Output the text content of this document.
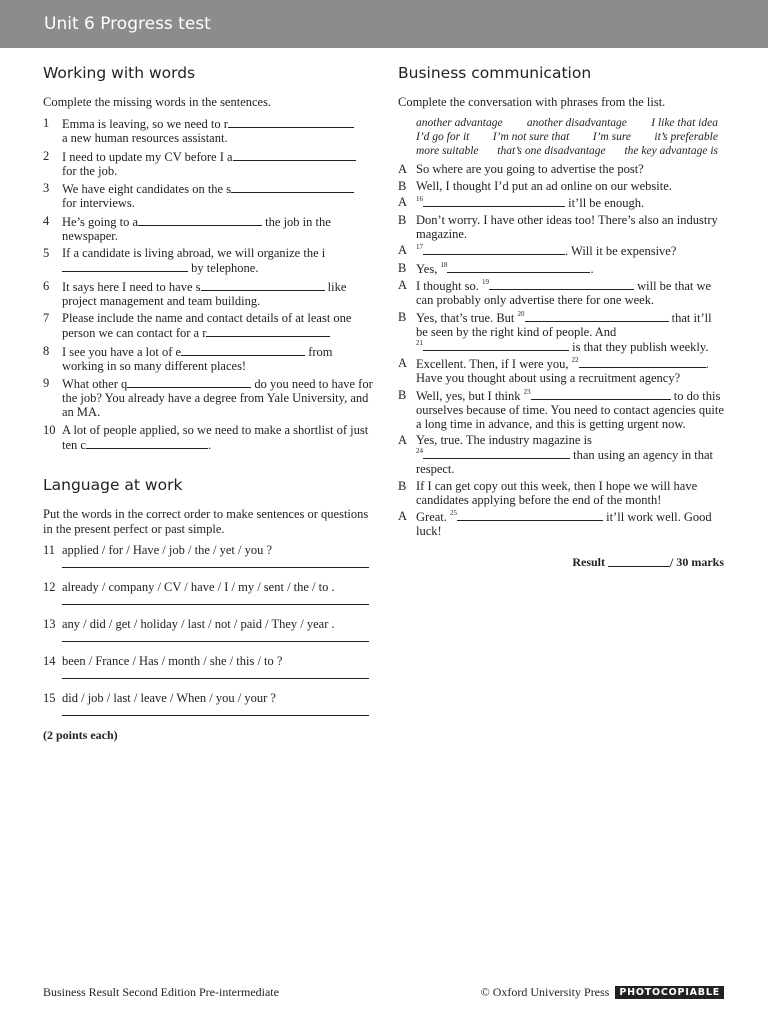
Unit 6 Progress test
Working with words

Complete the missing words in the sentences.

1	Emma is leaving, so we need to r
a new human resources assistant.
2	I need to update my CV before I a
for the job.
3	We have eight candidates on the s
for interviews.
4	He’s going to a	the job in the newspaper.
5	If a candidate is living abroad, we will organize the i by telephone.
6	It says here I need to have s	like project management and team building.
7	Please include the name and contact details of at least one person we can contact for a r
8	I see you have a lot of e	from working in so many different places!
9	What other q	do you need to have for the job? You already have a degree from Yale University, and an MA.
10 A lot of people applied, so we need to make a shortlist of just ten c	.
Language at work

Put the words in the correct order to make sentences or questions in the present perfect or past simple.

11 applied / for / Have / job / the / yet / you ?
12 already / company / CV / have / I / my / sent / the / to .
13 any / did / get / holiday / last / not / paid / They / year .
14 been / France / Has / month / she / this / to ?
15 did / job / last / leave / When / you / your ?
(2 points each)
Business communication

Complete the conversation with phrases from the list.

another advantage another disadvantage I like that idea
I’d go for it I’m not sure that I’m sure it’s preferable
more suitable that’s one disadvantage the key advantage is
A So where are you going to advertise the post?
B Well, I thought I’d put an ad online on our website.
A	$^{16}$	it’ll be enough.
B Don’t worry. I have other ideas too! There’s also an industry magazine.
A	$^{17}$	. Will it be expensive?
B Yes, $^{18}$	.
A I thought so. $^{19}$	will be that we can probably only advertise there for one week.
B Yes, that’s true. But $^{20}$	that it’ll be seen by the right kind of people. And
$^{21}$	is that they publish weekly.
A Excellent. Then, if I were you, $^{22}$	. Have you thought about using a recruitment agency?
B Well, yes, but I think $^{23}$	to do this ourselves because of time. You need to contact agencies quite a long time in advance, and this is getting urgent now.
A Yes, true. The industry magazine is
$^{24}$	than using an agency in that respect.
B If I can get copy out this week, then I hope we will have candidates applying before the end of the month!
A Great. $^{25}$	it’ll work well. Good luck!
Result	/ 30 marks
Business Result Second Edition Pre-intermediate	© Oxford University Press	PHOTOCOPIABLE
